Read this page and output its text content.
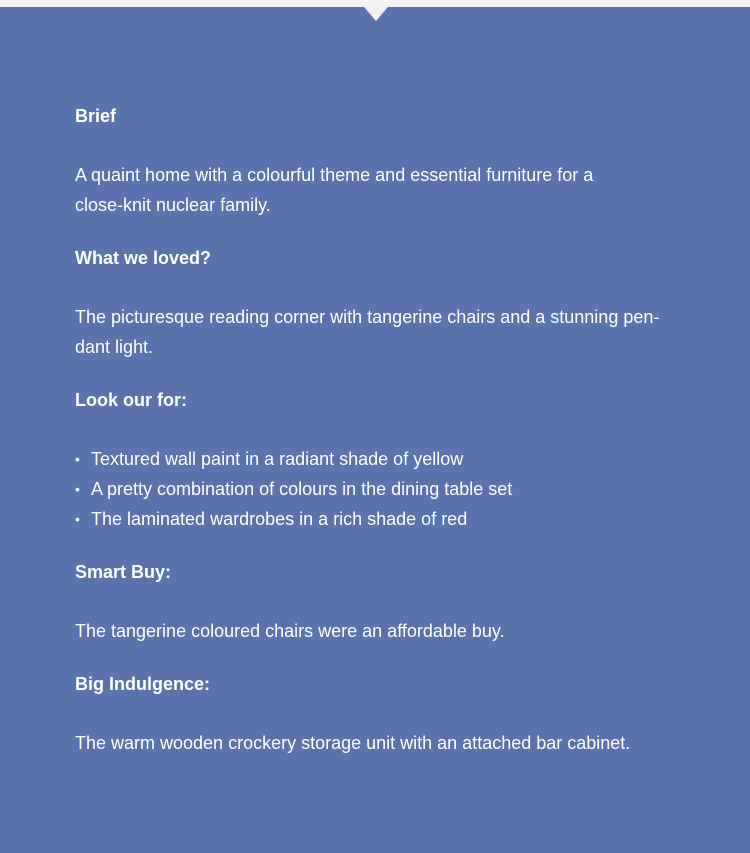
Brief
A quaint home with a colourful theme and essential furniture for a
close-knit nuclear family.
What we loved?
The picturesque reading corner with tangerine chairs and a stunning pen-
dant light.
Look our for:
• Textured wall paint in a radiant shade of yellow
• A pretty combination of colours in the dining table set
• The laminated wardrobes in a rich shade of red
Smart Buy:
The tangerine coloured chairs were an affordable buy.
Big Indulgence:
The warm wooden crockery storage unit with an attached bar cabinet.
